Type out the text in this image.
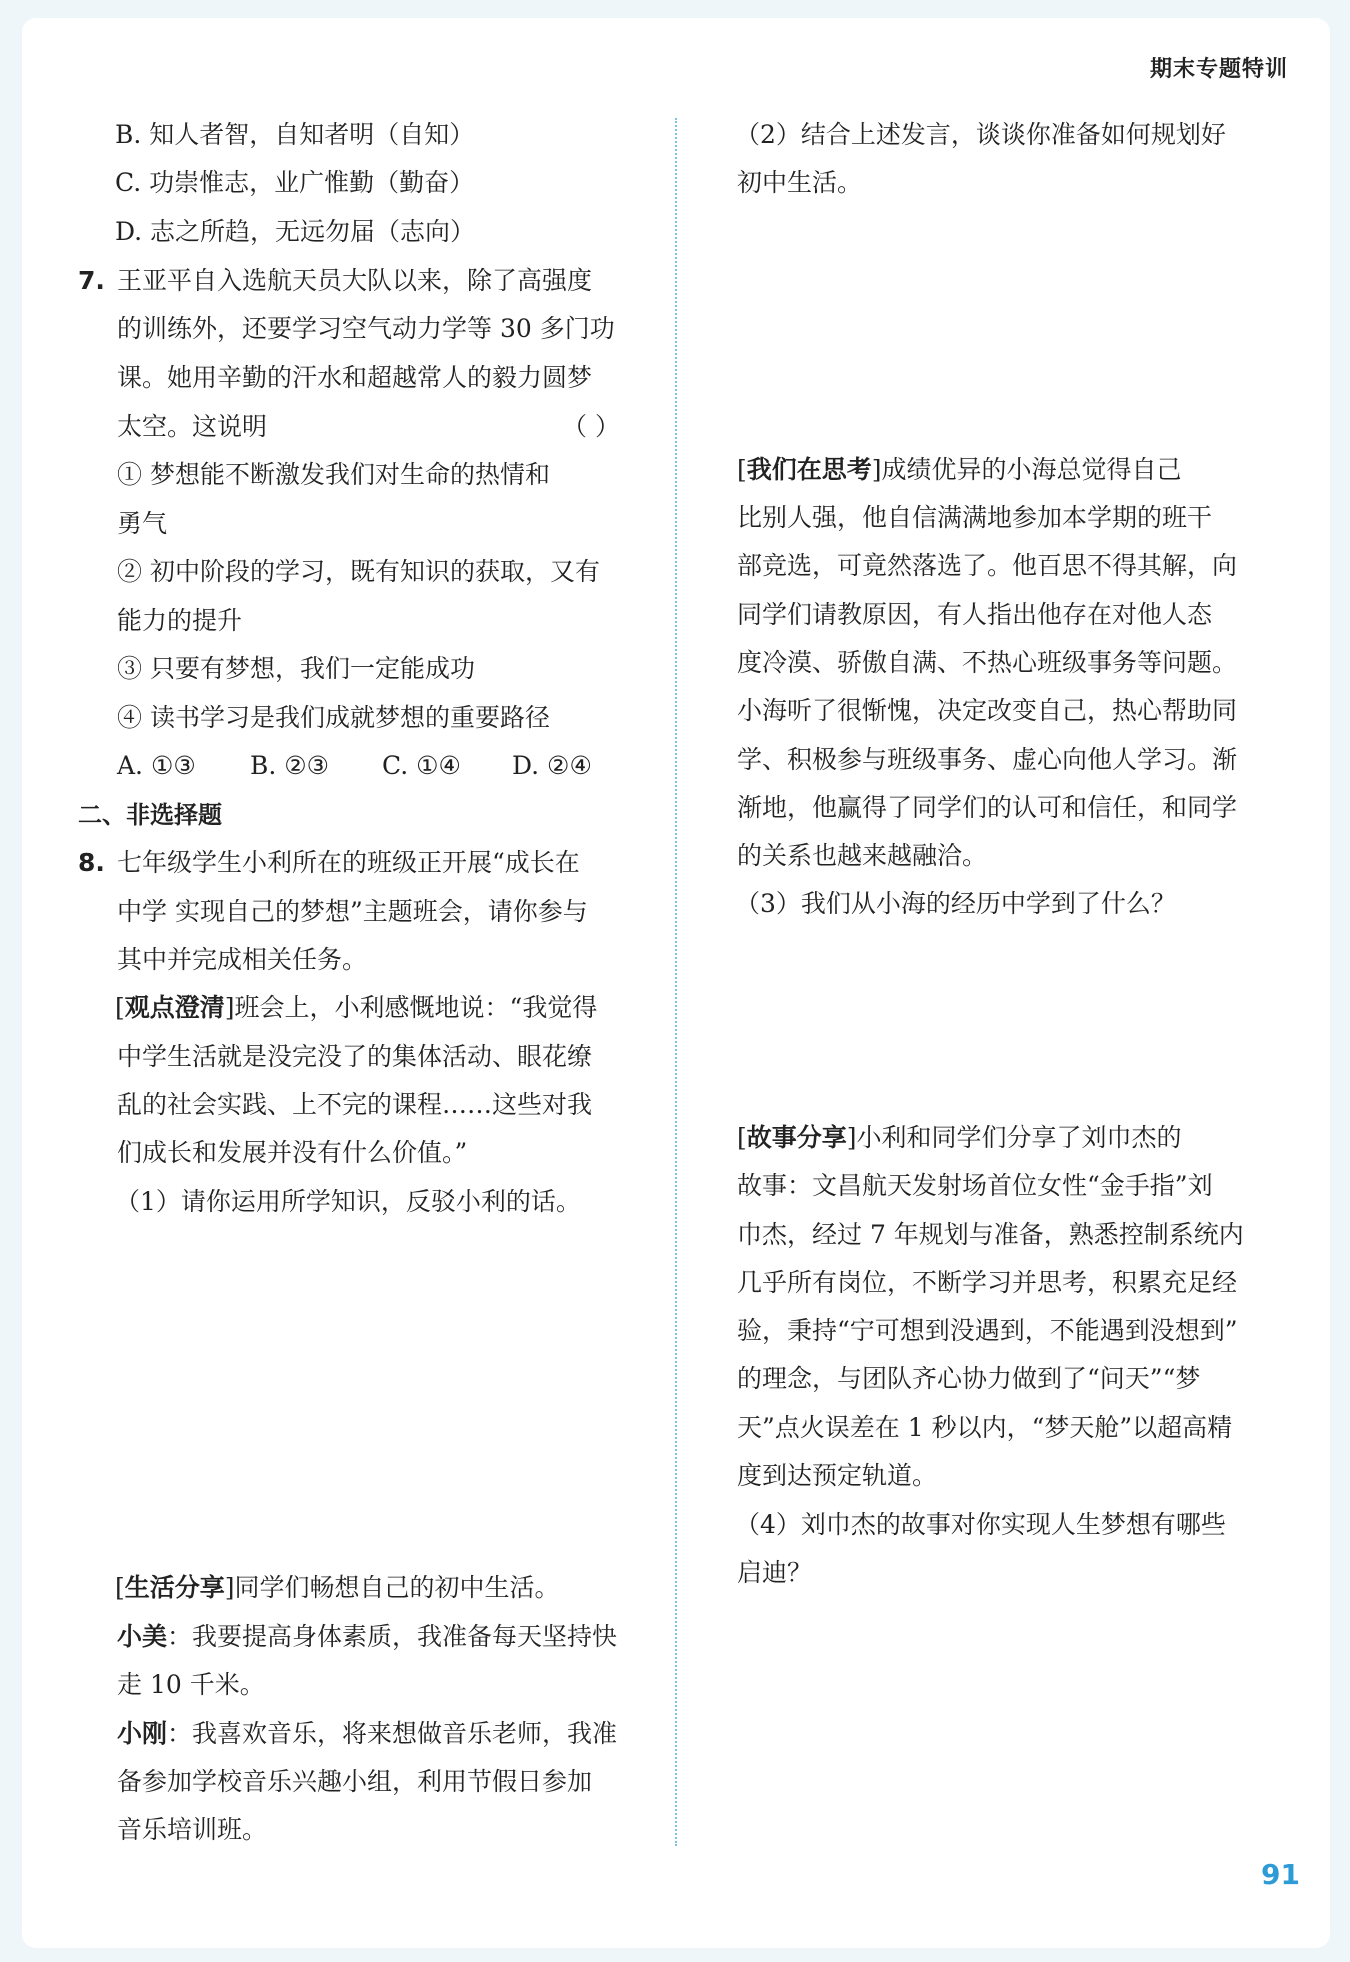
期末专题特训
B. 知人者智，自知者明（自知）
C. 功崇惟志，业广惟勤（勤奋）
D. 志之所趋，无远勿届（志向）
7. 王亚平自入选航天员大队以来，除了高强度
的训练外，还要学习空气动力学等 30 多门功
课。她用辛勤的汗水和超越常人的毅力圆梦
太空。这说明	（ ）
① 梦想能不断激发我们对生命的热情和
勇气
② 初中阶段的学习，既有知识的获取，又有
能力的提升
③ 只要有梦想，我们一定能成功
④ 读书学习是我们成就梦想的重要路径
A. ①③ B. ②③ C. ①④ D. ②④
二、非选择题
8. 七年级学生小利所在的班级正开展“成长在
中学 实现自己的梦想”主题班会，请你参与
其中并完成相关任务。
[观点澄清]班会上，小利感慨地说：“我觉得
中学生活就是没完没了的集体活动、眼花缭
乱的社会实践、上不完的课程……这些对我
们成长和发展并没有什么价值。”
（1）请你运用所学知识，反驳小利的话。
[生活分享]同学们畅想自己的初中生活。
小美：我要提高身体素质，我准备每天坚持快
走 10 千米。
小刚：我喜欢音乐，将来想做音乐老师，我准
备参加学校音乐兴趣小组，利用节假日参加
音乐培训班。
（2）结合上述发言，谈谈你准备如何规划好
初中生活。
[我们在思考]成绩优异的小海总觉得自己
比别人强，他自信满满地参加本学期的班干
部竞选，可竟然落选了。他百思不得其解，向
同学们请教原因，有人指出他存在对他人态
度冷漠、骄傲自满、不热心班级事务等问题。
小海听了很惭愧，决定改变自己，热心帮助同
学、积极参与班级事务、虚心向他人学习。渐
渐地，他赢得了同学们的认可和信任，和同学
的关系也越来越融洽。
（3）我们从小海的经历中学到了什么？
[故事分享]小利和同学们分享了刘巾杰的
故事：文昌航天发射场首位女性“金手指”刘
巾杰，经过 7 年规划与准备，熟悉控制系统内
几乎所有岗位，不断学习并思考，积累充足经
验，秉持“宁可想到没遇到，不能遇到没想到”
的理念，与团队齐心协力做到了“问天”“梦
天”点火误差在 1 秒以内，“梦天舱”以超高精
度到达预定轨道。
（4）刘巾杰的故事对你实现人生梦想有哪些
启迪？
91
